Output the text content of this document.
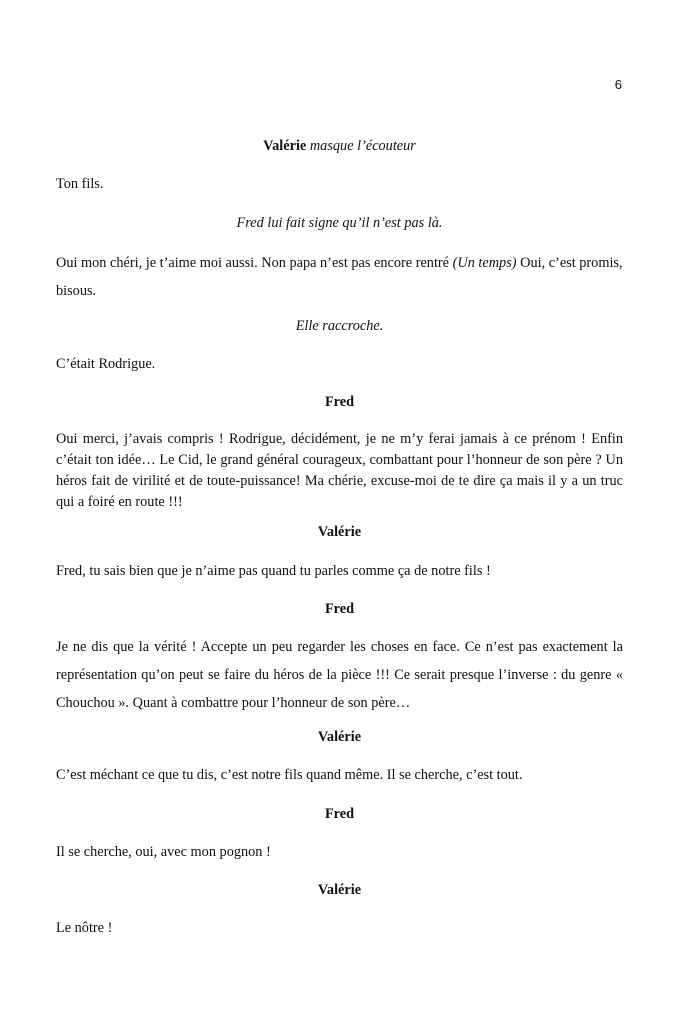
6

Valérie masque l’écouteur

Ton fils.

Fred lui fait signe qu’il n’est pas là.

Oui mon chéri, je t’aime moi aussi. Non papa n’est pas encore rentré (Un temps) Oui, c’est promis, bisous.

Elle raccroche.

C’était Rodrigue.

Fred

Oui merci, j’avais compris ! Rodrigue, décidément, je ne m’y ferai jamais à ce prénom ! Enfin c’était ton idée… Le Cid, le grand général courageux, combattant pour l’honneur de son père ? Un héros fait de virilité et de toute-puissance! Ma chérie, excuse-moi de te dire ça mais il y a un truc qui a foiré en route !!!

Valérie

Fred, tu sais bien que je n’aime pas quand tu parles comme ça de notre fils !

Fred

Je ne dis que la vérité ! Accepte un peu regarder les choses en face. Ce n’est pas exactement la représentation qu’on peut se faire du héros de la pièce !!! Ce serait presque l’inverse : du genre « Chouchou ». Quant à combattre pour l’honneur de son père…

Valérie

C’est méchant ce que tu dis, c’est notre fils quand même. Il se cherche, c’est tout.

Fred

Il se cherche, oui, avec mon pognon !

Valérie

Le nôtre !
